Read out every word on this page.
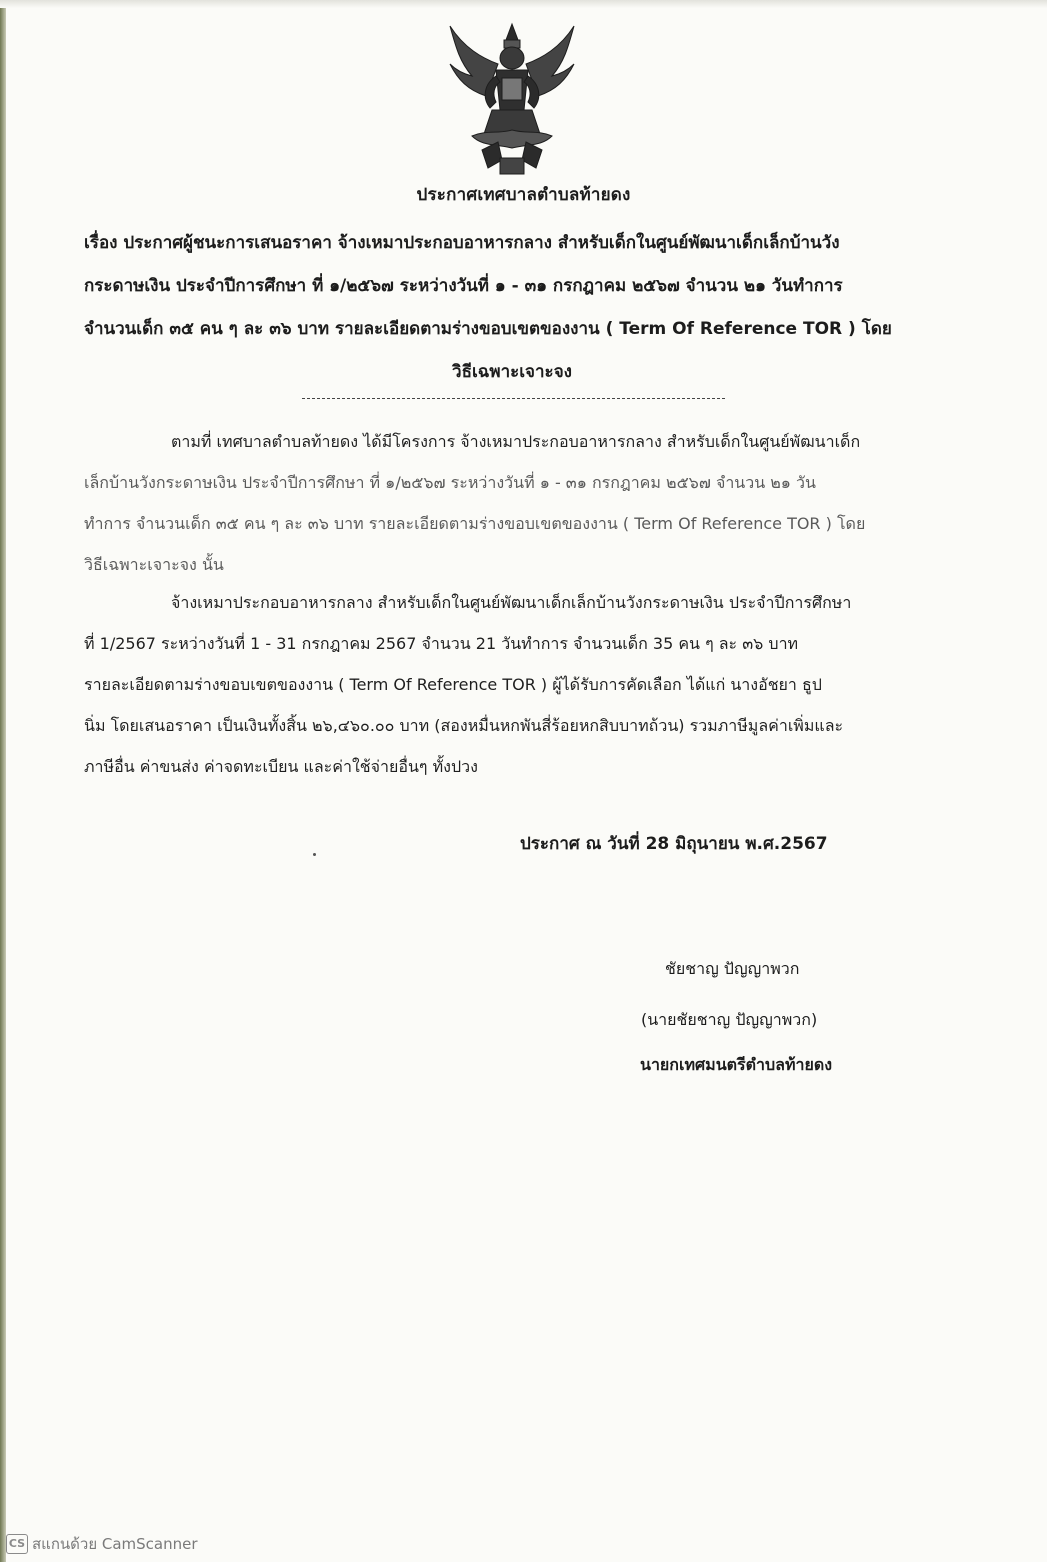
ประกาศเทศบาลตำบลท้ายดง
เรื่อง ประกาศผู้ชนะการเสนอราคา จ้างเหมาประกอบอาหารกลาง สำหรับเด็กในศูนย์พัฒนาเด็กเล็กบ้านวัง
กระดาษเงิน ประจำปีการศึกษา ที่ ๑/๒๕๖๗ ระหว่างวันที่ ๑ - ๓๑ กรกฎาคม ๒๕๖๗ จำนวน ๒๑ วันทำการ
จำนวนเด็ก ๓๕ คน ๆ ละ ๓๖ บาท รายละเอียดตามร่างขอบเขตของงาน ( Term Of Reference TOR ) โดย
วิธีเฉพาะเจาะจง
ตามที่ เทศบาลตำบลท้ายดง ได้มีโครงการ จ้างเหมาประกอบอาหารกลาง สำหรับเด็กในศูนย์พัฒนาเด็ก
เล็กบ้านวังกระดาษเงิน ประจำปีการศึกษา ที่ ๑/๒๕๖๗ ระหว่างวันที่ ๑ - ๓๑ กรกฎาคม ๒๕๖๗ จำนวน ๒๑ วัน
ทำการ จำนวนเด็ก ๓๕ คน ๆ ละ ๓๖ บาท รายละเอียดตามร่างขอบเขตของงาน ( Term Of Reference TOR ) โดย
วิธีเฉพาะเจาะจง นั้น
จ้างเหมาประกอบอาหารกลาง สำหรับเด็กในศูนย์พัฒนาเด็กเล็กบ้านวังกระดาษเงิน ประจำปีการศึกษา
ที่ 1/2567 ระหว่างวันที่ 1 - 31 กรกฎาคม 2567 จำนวน 21 วันทำการ จำนวนเด็ก 35 คน ๆ ละ ๓๖ บาท
รายละเอียดตามร่างขอบเขตของงาน ( Term Of Reference TOR ) ผู้ได้รับการคัดเลือก ได้แก่ นางอัชยา ธูป
นิ่ม โดยเสนอราคา เป็นเงินทั้งสิ้น ๒๖,๔๖๐.๐๐ บาท (สองหมื่นหกพันสี่ร้อยหกสิบบาทถ้วน) รวมภาษีมูลค่าเพิ่มและ
ภาษีอื่น ค่าขนส่ง ค่าจดทะเบียน และค่าใช้จ่ายอื่นๆ ทั้งปวง
ประกาศ ณ วันที่ 28 มิถุนายน พ.ศ.2567
ชัยชาญ ปัญญาพวก
(นายชัยชาญ ปัญญาพวก)
นายกเทศมนตรีตำบลท้ายดง
CS สแกนด้วย CamScanner
